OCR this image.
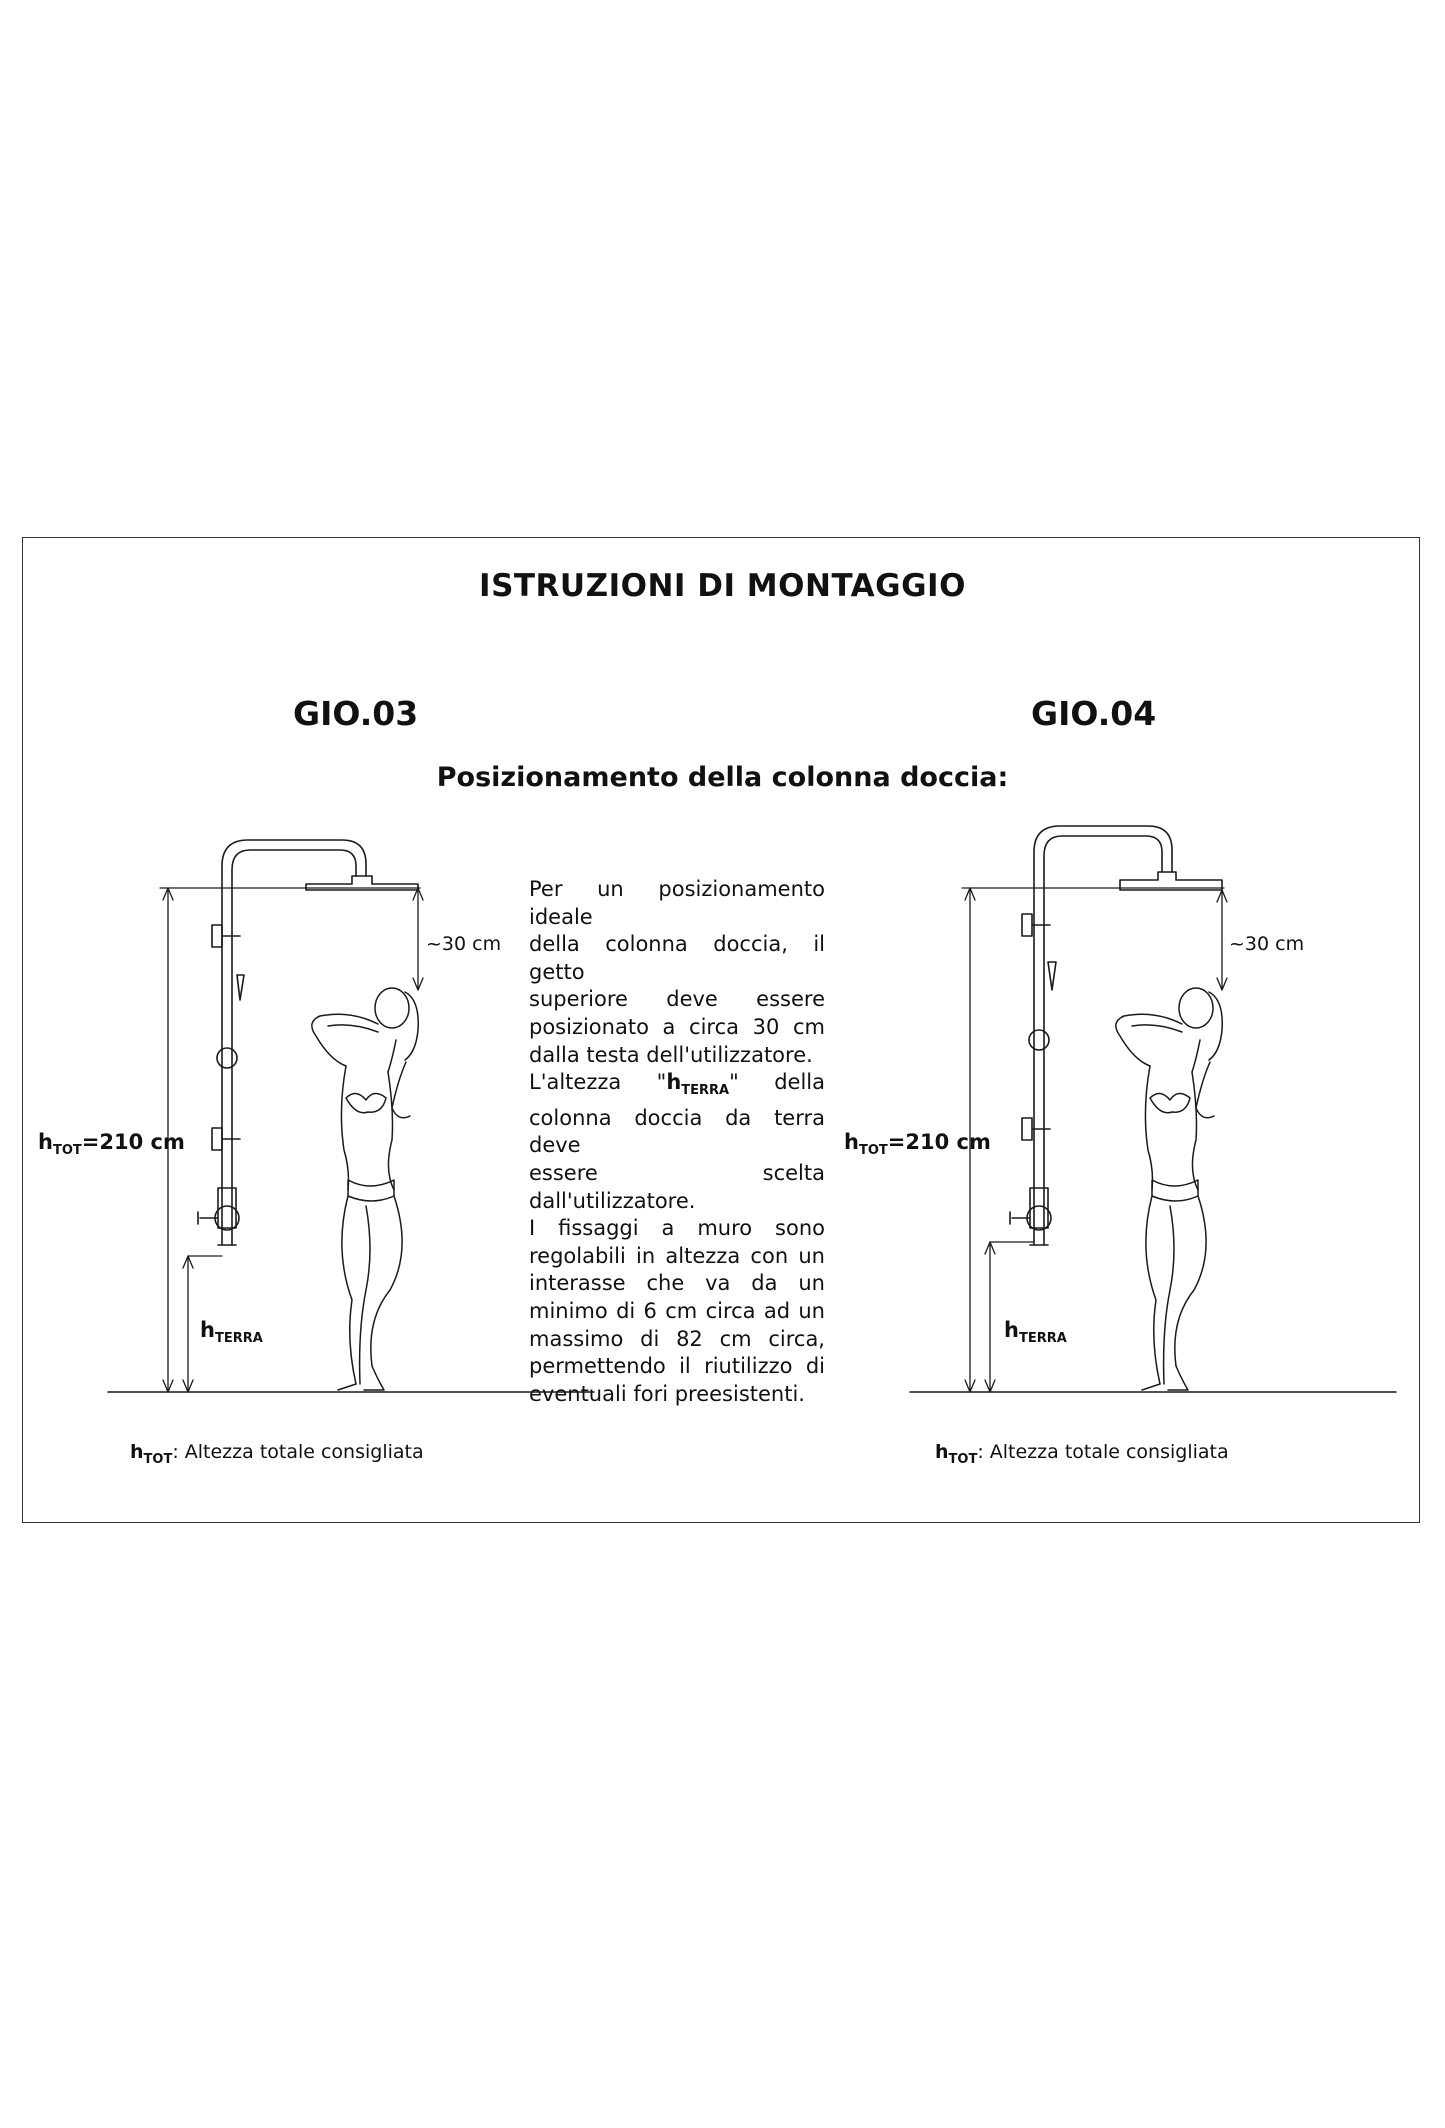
ISTRUZIONI DI MONTAGGIO
GIO.03	GIO.04
Posizionamento della colonna doccia:

Per un posizionamento ideale

della colonna doccia, il getto

superiore deve essere

posizionato a circa 30 cm

dalla testa dell'utilizzatore.

L'altezza "$h_{TERRA}$" della

colonna doccia da terra deve

essere scelta dall'utilizzatore.

I fissaggi a muro sono

regolabili in altezza con un

interasse che va da un

minimo di 6 cm circa ad un

massimo di 82 cm circa,

permettendo il riutilizzo di

eventuali fori preesistenti.

~30 cm
$h_{TOT}=210$ cm
$h_{TERRA}$
~30 cm
$h_{TOT}=210$ cm
$h_{TERRA}$
$h_{TOT}$: Altezza totale consigliata	$h_{TOT}$: Altezza totale consigliata
